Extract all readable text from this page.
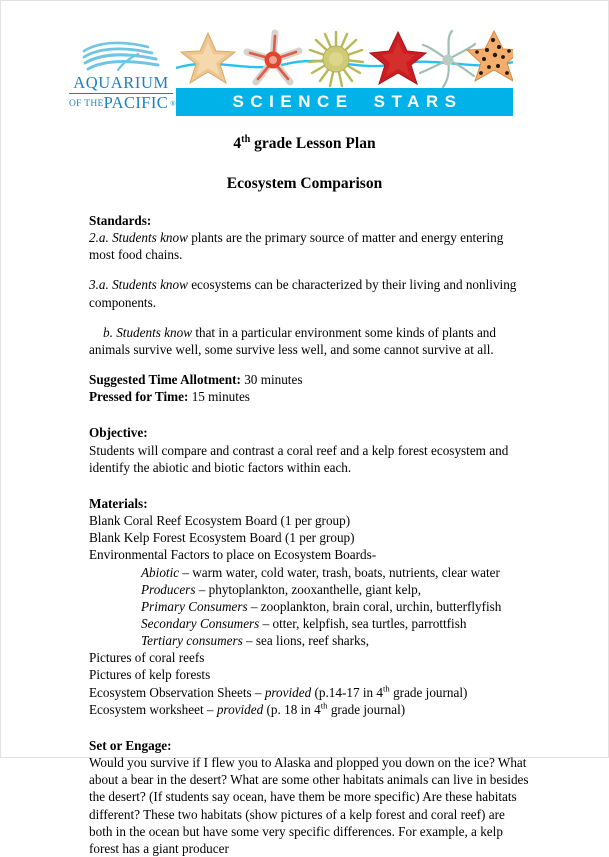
AQUARIUM
OF THEPACIFIC ®	SCIENCE	STARS
4th grade Lesson Plan
Ecosystem Comparison
Standards:

2.a. Students know plants are the primary source of matter and energy entering most food chains.

3.a. Students know ecosystems can be characterized by their living and nonliving components.

b. Students know that in a particular environment some kinds of plants and animals survive well, some survive less well, and some cannot survive at all.

Suggested Time Allotment: 30 minutes

Pressed for Time: 15 minutes

Objective:

Students will compare and contrast a coral reef and a kelp forest ecosystem and identify the abiotic and biotic factors within each.

Materials:

Blank Coral Reef Ecosystem Board (1 per group)

Blank Kelp Forest Ecosystem Board (1 per group)

Environmental Factors to place on Ecosystem Boards-

Abiotic – warm water, cold water, trash, boats, nutrients, clear water

Producers – phytoplankton, zooxanthelle, giant kelp,

Primary Consumers – zooplankton, brain coral, urchin, butterflyfish

Secondary Consumers – otter, kelpfish, sea turtles, parrottfish

Tertiary consumers – sea lions, reef sharks,

Pictures of coral reefs

Pictures of kelp forests

Ecosystem Observation Sheets – provided (p.14-17 in 4th grade journal)

Ecosystem worksheet – provided (p. 18 in 4th grade journal)

Set or Engage:

Would you survive if I flew you to Alaska and plopped you down on the ice? What about a bear in the desert? What are some other habitats animals can live in besides the desert? (If students say ocean, have them be more specific) Are these habitats different? These two habitats (show pictures of a kelp forest and coral reef) are both in the ocean but have some very specific differences. For example, a kelp forest has a giant producer
